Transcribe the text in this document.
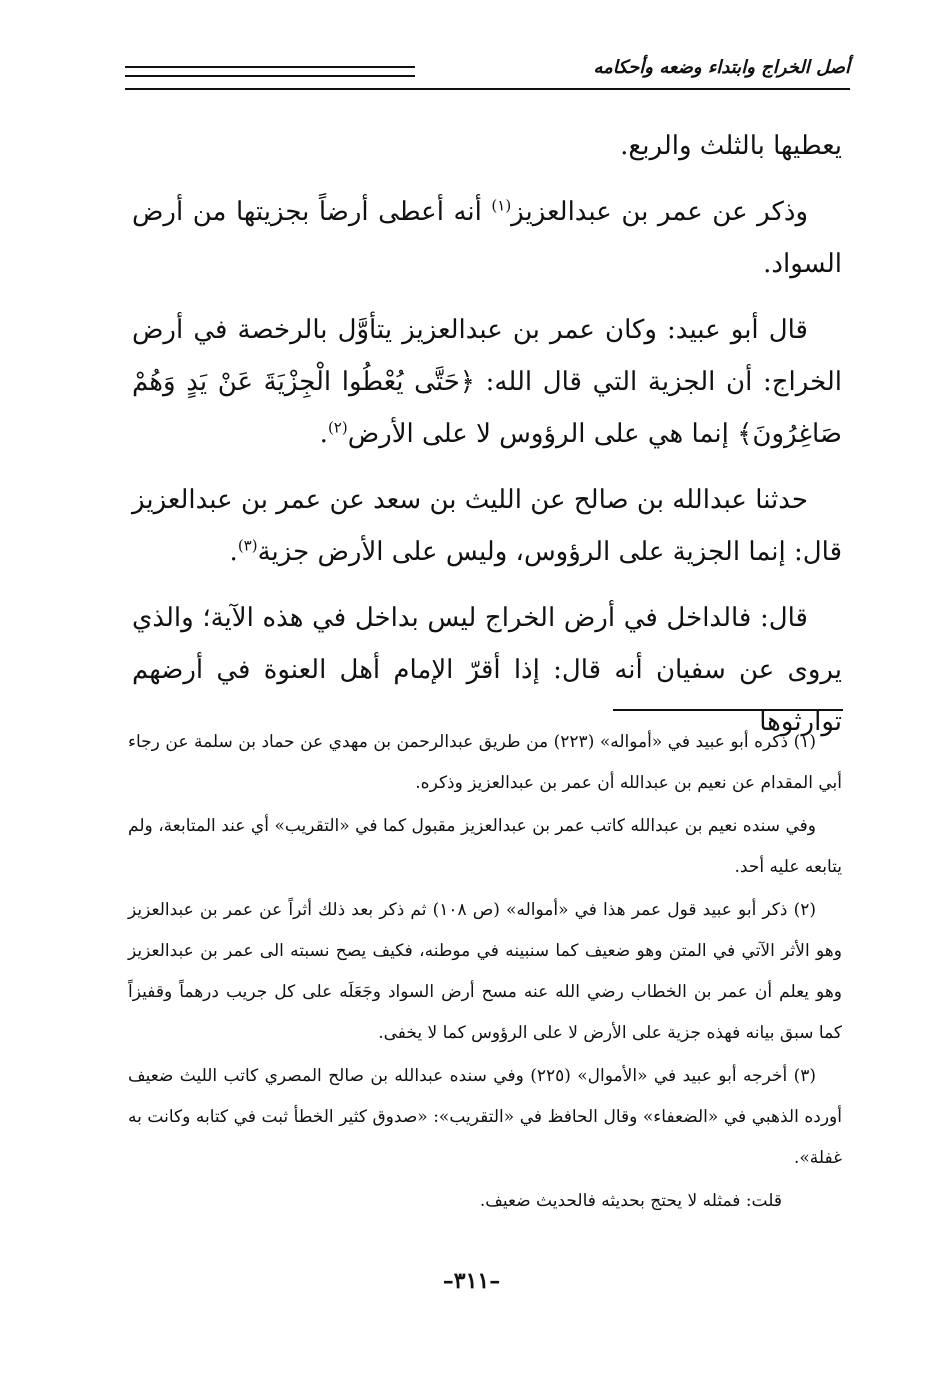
أصل الخراج وابتداء وضعه وأحكامه

يعطيها بالثلث والربع.

وذكر عن عمر بن عبدالعزيز$^{(١)}$ أنه أعطى أرضاً بجزيتها من أرض السواد.

قال أبو عبيد: وكان عمر بن عبدالعزيز يتأوَّل بالرخصة في أرض الخراج: أن الجزية التي قال الله: ﴿حَتَّى يُعْطُوا الْجِزْيَةَ عَنْ يَدٍ وَهُمْ صَاغِرُونَ﴾ إنما هي على الرؤوس لا على الأرض$^{(٢)}$.

حدثنا عبدالله بن صالح عن الليث بن سعد عن عمر بن عبدالعزيز قال: إنما الجزية على الرؤوس، وليس على الأرض جزية$^{(٣)}$.

قال: فالداخل في أرض الخراج ليس بداخل في هذه الآية؛ والذي يروى عن سفيان أنه قال: إذا أقرّ الإمام أهل العنوة في أرضهم توارثوها

(١) ذكره أبو عبيد في «أمواله» (٢٢٣) من طريق عبدالرحمن بن مهدي عن حماد بن سلمة عن رجاء أبي المقدام عن نعيم بن عبدالله أن عمر بن عبدالعزيز وذكره.

وفي سنده نعيم بن عبدالله كاتب عمر بن عبدالعزيز مقبول كما في «التقريب» أي عند المتابعة، ولم يتابعه عليه أحد.

(٢) ذكر أبو عبيد قول عمر هذا في «أمواله» (ص ١٠٨) ثم ذكر بعد ذلك أثراً عن عمر بن عبدالعزيز وهو الأثر الآتي في المتن وهو ضعيف كما سنبينه في موطنه، فكيف يصح نسبته الى عمر بن عبدالعزيز وهو يعلم أن عمر بن الخطاب رضي الله عنه مسح أرض السواد وجَعَلَه على كل جريب درهماً وقفيزاً كما سبق بيانه فهذه جزية على الأرض لا على الرؤوس كما لا يخفى.

(٣) أخرجه أبو عبيد في «الأموال» (٢٢٥) وفي سنده عبدالله بن صالح المصري كاتب الليث ضعيف أورده الذهبي في «الضعفاء» وقال الحافظ في «التقريب»: «صدوق كثير الخطأ ثبت في كتابه وكانت به غفلة».

قلت: فمثله لا يحتج بحديثه فالحديث ضعيف.

–٣١١–
